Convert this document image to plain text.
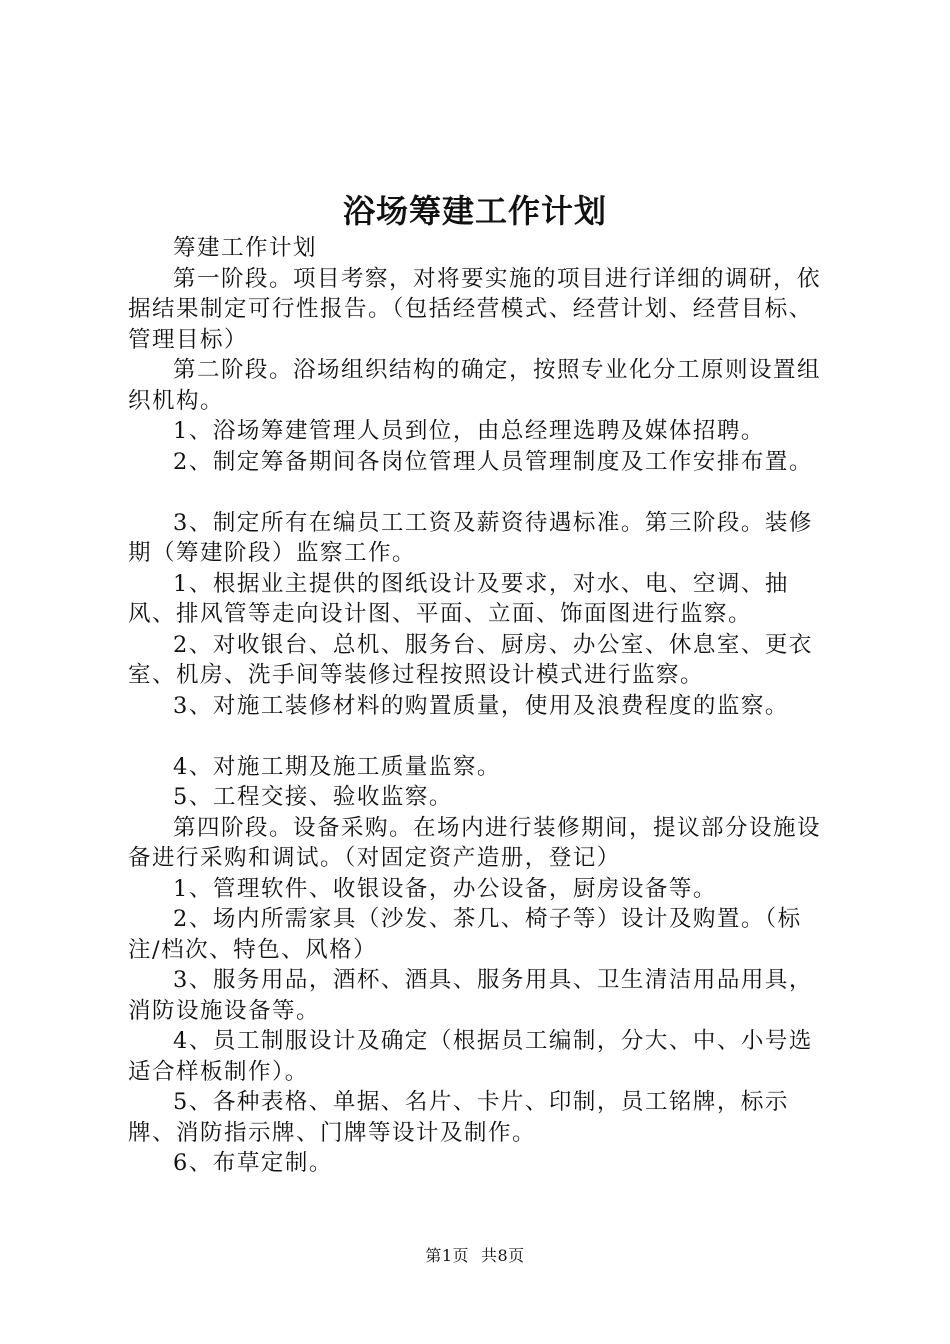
浴场筹建工作计划

筹建工作计划

第一阶段。项目考察，对将要实施的项目进行详细的调研，依据结果制定可行性报告。（包括经营模式、经营计划、经营目标、管理目标）

第二阶段。浴场组织结构的确定，按照专业化分工原则设置组织机构。

1、浴场筹建管理人员到位，由总经理选聘及媒体招聘。

2、制定筹备期间各岗位管理人员管理制度及工作安排布置。

3、制定所有在编员工工资及薪资待遇标准。第三阶段。装修期（筹建阶段）监察工作。

1、根据业主提供的图纸设计及要求，对水、电、空调、抽风、排风管等走向设计图、平面、立面、饰面图进行监察。

2、对收银台、总机、服务台、厨房、办公室、休息室、更衣室、机房、洗手间等装修过程按照设计模式进行监察。

3、对施工装修材料的购置质量，使用及浪费程度的监察。

4、对施工期及施工质量监察。

5、工程交接、验收监察。

第四阶段。设备采购。在场内进行装修期间，提议部分设施设备进行采购和调试。（对固定资产造册，登记）

1、管理软件、收银设备，办公设备，厨房设备等。

2、场内所需家具（沙发、茶几、椅子等）设计及购置。（标注/档次、特色、风格）

3、服务用品，酒杯、酒具、服务用具、卫生清洁用品用具，消防设施设备等。

4、员工制服设计及确定（根据员工编制，分大、中、小号选适合样板制作）。

5、各种表格、单据、名片、卡片、印制，员工铭牌，标示牌、消防指示牌、门牌等设计及制作。

6、布草定制。

第1页 共8页
